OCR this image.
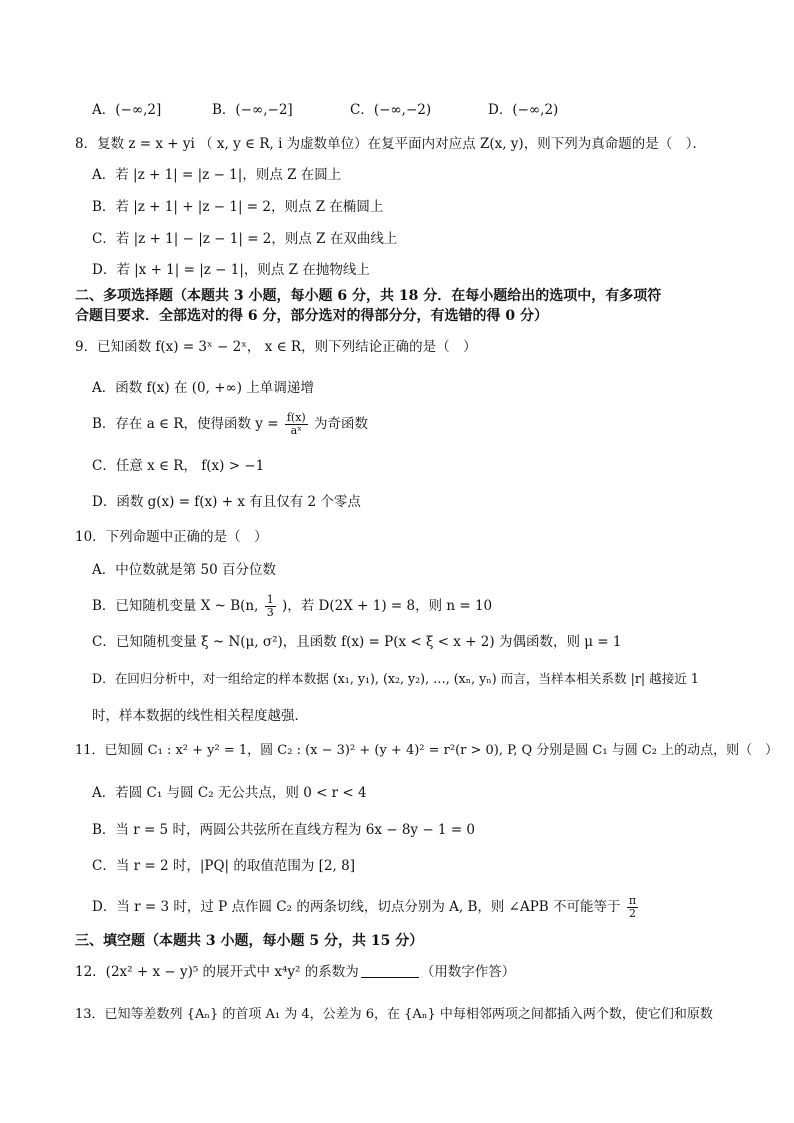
A．(−∞,2]	B．(−∞,−2]	C．(−∞,−2)	D．(−∞,2)
8．复数 z = x + yi （ x, y ∈ R, i 为虚数单位）在复平面内对应点 Z(x, y)，则下列为真命题的是（　）．
A．若 |z + 1| = |z − 1|，则点 Z 在圆上
B．若 |z + 1| + |z − 1| = 2，则点 Z 在椭圆上
C．若 |z + 1| − |z − 1| = 2，则点 Z 在双曲线上
D．若 |x + 1| = |z − 1|，则点 Z 在抛物线上
二、多项选择题（本题共 3 小题，每小题 6 分，共 18 分．在每小题给出的选项中，有多项符
合题目要求．全部选对的得 6 分，部分选对的得部分分，有选错的得 0 分）
9．已知函数 f(x) = 3ˣ − 2ˣ， x ∈ R，则下列结论正确的是（　）
A．函数 f(x) 在 (0, +∞) 上单调递增
B．存在 a ∈ R，使得函数 $y = \frac{f(x)}{\text{aˣ}}$ 为奇函数
C．任意 x ∈ R， f(x) > −1
D．函数 g(x) = f(x) + x 有且仅有 2 个零点
10．下列命题中正确的是（　）
A．中位数就是第 50 百分位数
B．已知随机变量 X ~ B(n, $\frac{1}{3}$ )，若 D(2X + 1) = 8，则 n = 10
C．已知随机变量 ξ ~ N(μ, σ²)，且函数 f(x) = P(x < ξ < x + 2) 为偶函数，则 μ = 1
D．在回归分析中，对一组给定的样本数据 (x₁, y₁), (x₂, y₂), …, (xₙ, yₙ) 而言，当样本相关系数 |r| 越接近 1
时，样本数据的线性相关程度越强．
11．已知圆 C₁ : x² + y² = 1，圆 C₂ : (x − 3)² + (y + 4)² = r²(r > 0), P, Q 分别是圆 C₁ 与圆 C₂ 上的动点，则（　）
A．若圆 C₁ 与圆 C₂ 无公共点，则 0 < r < 4
B．当 r = 5 时，两圆公共弦所在直线方程为 6x − 8y − 1 = 0
C．当 r = 2 时，|PQ| 的取值范围为 [2, 8]
D．当 r = 3 时，过 P 点作圆 C₂ 的两条切线，切点分别为 A, B，则 ∠APB 不可能等于 $\frac{\pi}{2}$
三、填空题（本题共 3 小题，每小题 5 分，共 15 分）
12．(2x² + x − y)⁵ 的展开式中 x⁴y² 的系数为	（用数字作答）
13．已知等差数列 {Aₙ} 的首项 A₁ 为 4，公差为 6，在 {Aₙ} 中每相邻两项之间都插入两个数，使它们和原数
